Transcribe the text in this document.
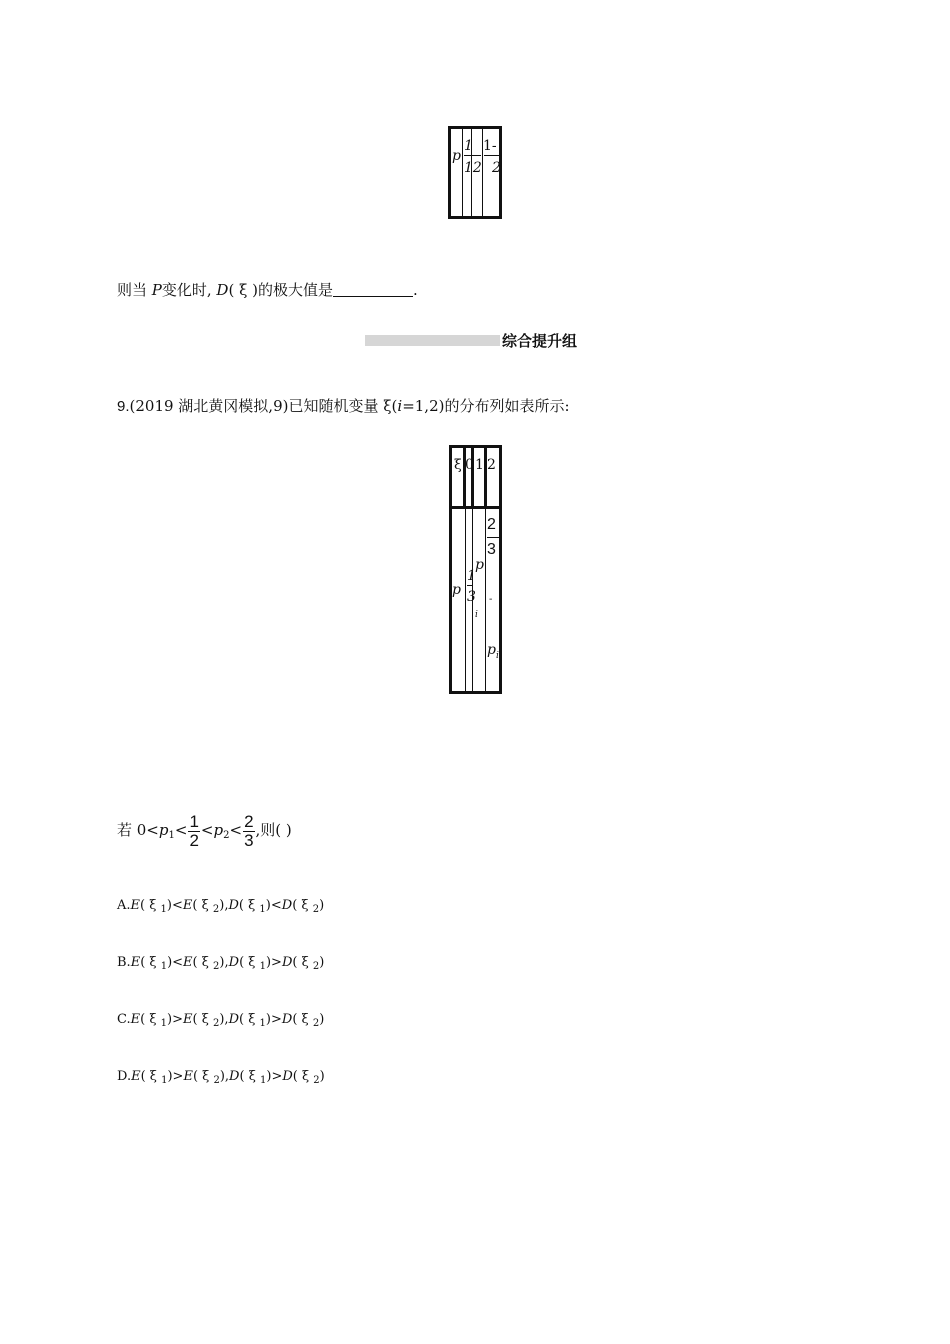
p
1
12
1-
2
则当 P变化时, D( ξ )的极大值是	.
综合提升组
9.(2019 湖北黄冈模拟,9)已知随机变量 ξ(i=1,2)的分布列如表所示:
ξ 0 1 2
p
1
3
p
i
2
3
-
p i
若 $0<p_1< \frac{1}{2} <p_2< \frac{2}{3}$ ,则( )
A.E( ξ $_1$)<E( ξ $_2$),D( ξ $_1$)<D( ξ $_2$)
B.E( ξ $_1$)<E( ξ $_2$),D( ξ $_1$)>D( ξ $_2$)
C.E( ξ $_1$)>E( ξ $_2$),D( ξ $_1$)>D( ξ $_2$)
D.E( ξ $_1$)>E( ξ $_2$),D( ξ $_1$)>D( ξ $_2$)
